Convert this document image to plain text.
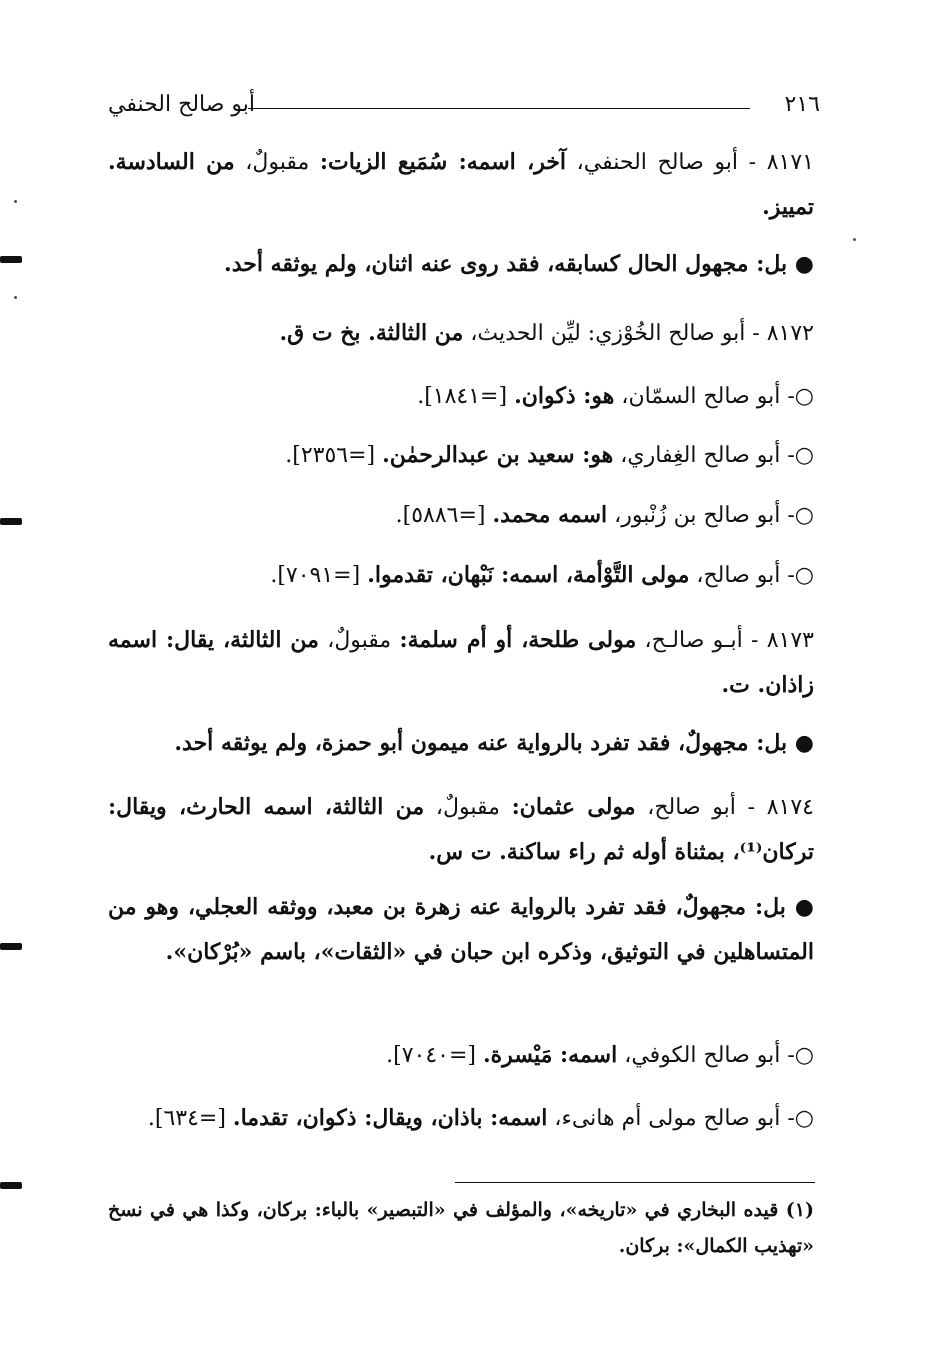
٢١٦
أبو صالح الحنفي

٨١٧١ - أبو صالح الحنفي، آخر، اسمه: سُمَيع الزيات: مقبولٌ، من السادسة. تمييز.

● بل: مجهول الحال كسابقه، فقد روى عنه اثنان، ولم يوثقه أحد.

٨١٧٢ - أبو صالح الخُوْزي: ليِّن الحديث، من الثالثة. بخ ت ق.

○- أبو صالح السمّان، هو: ذكوان. [=١٨٤١].

○- أبو صالح الغِفاري، هو: سعيد بن عبدالرحمٰن. [=٢٣٥٦].

○- أبو صالح بن زُنْبور، اسمه محمد. [=٥٨٨٦].

○- أبو صالح، مولى التَّوْأمة، اسمه: نَبْهان، تقدموا. [=٧٠٩١].

٨١٧٣ - أبـو صالـح، مولى طلحة، أو أم سلمة: مقبولٌ، من الثالثة، يقال: اسمه زاذان. ت.

● بل: مجهولٌ، فقد تفرد بالرواية عنه ميمون أبو حمزة، ولم يوثقه أحد.

٨١٧٤ - أبو صالح، مولى عثمان: مقبولٌ، من الثالثة، اسمه الحارث، ويقال: تركان⁽¹⁾، بمثناة أوله ثم راء ساكنة. ت س.

● بل: مجهولٌ، فقد تفرد بالرواية عنه زهرة بن معبد، ووثقه العجلي، وهو من المتساهلين في التوثيق، وذكره ابن حبان في «الثقات»، باسم «بُرْكان».

○- أبو صالح الكوفي، اسمه: مَيْسرة. [=٧٠٤٠].

○- أبو صالح مولى أم هانىء، اسمه: باذان، ويقال: ذكوان، تقدما. [=٦٣٤].

(١) قيده البخاري في «تاريخه»، والمؤلف في «التبصير» بالباء: بركان، وكذا هي في نسخ «تهذيب الكمال»: بركان.
